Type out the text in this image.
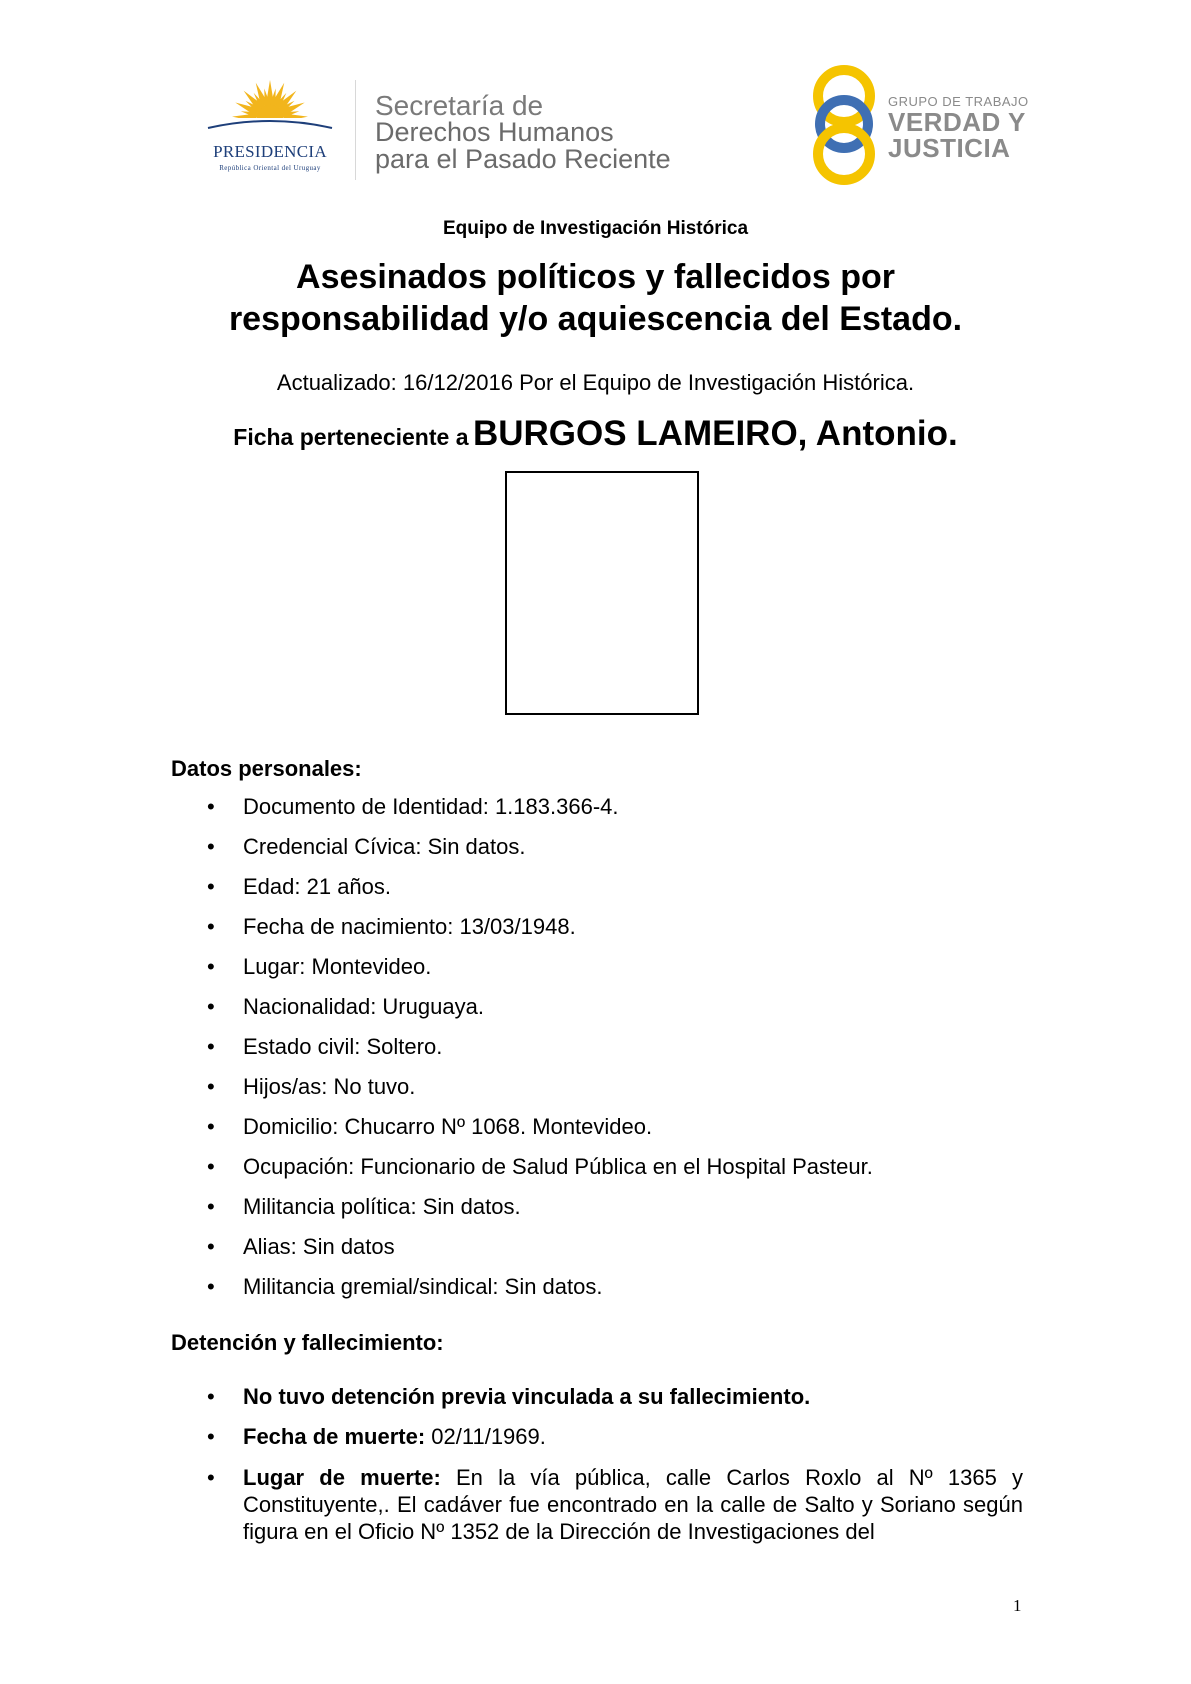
PRESIDENCIA
República Oriental del Uruguay
Secretaría de
Derechos Humanos
para el Pasado Reciente
GRUPO DE TRABAJO
VERDAD Y
JUSTICIA
Equipo de Investigación Histórica
Asesinados políticos y fallecidos por
responsabilidad y/o aquiescencia del Estado.
Actualizado: 16/12/2016 Por el Equipo de Investigación Histórica.
Ficha perteneciente a BURGOS LAMEIRO, Antonio.
Datos personales:
• Documento de Identidad: 1.183.366-4.
• Credencial Cívica: Sin datos.
• Edad: 21 años.
• Fecha de nacimiento: 13/03/1948.
• Lugar: Montevideo.
• Nacionalidad: Uruguaya.
• Estado civil: Soltero.
• Hijos/as: No tuvo.
• Domicilio: Chucarro Nº 1068. Montevideo.
• Ocupación: Funcionario de Salud Pública en el Hospital Pasteur.
• Militancia política: Sin datos.
• Alias: Sin datos
• Militancia gremial/sindical: Sin datos.
Detención y fallecimiento:
• No tuvo detención previa vinculada a su fallecimiento.
• Fecha de muerte: 02/11/1969.
• Lugar de muerte: En la vía pública, calle Carlos Roxlo al Nº 1365 y Constituyente,. El cadáver fue encontrado en la calle de Salto y Soriano según figura en el Oficio Nº 1352 de la Dirección de Investigaciones del
1
